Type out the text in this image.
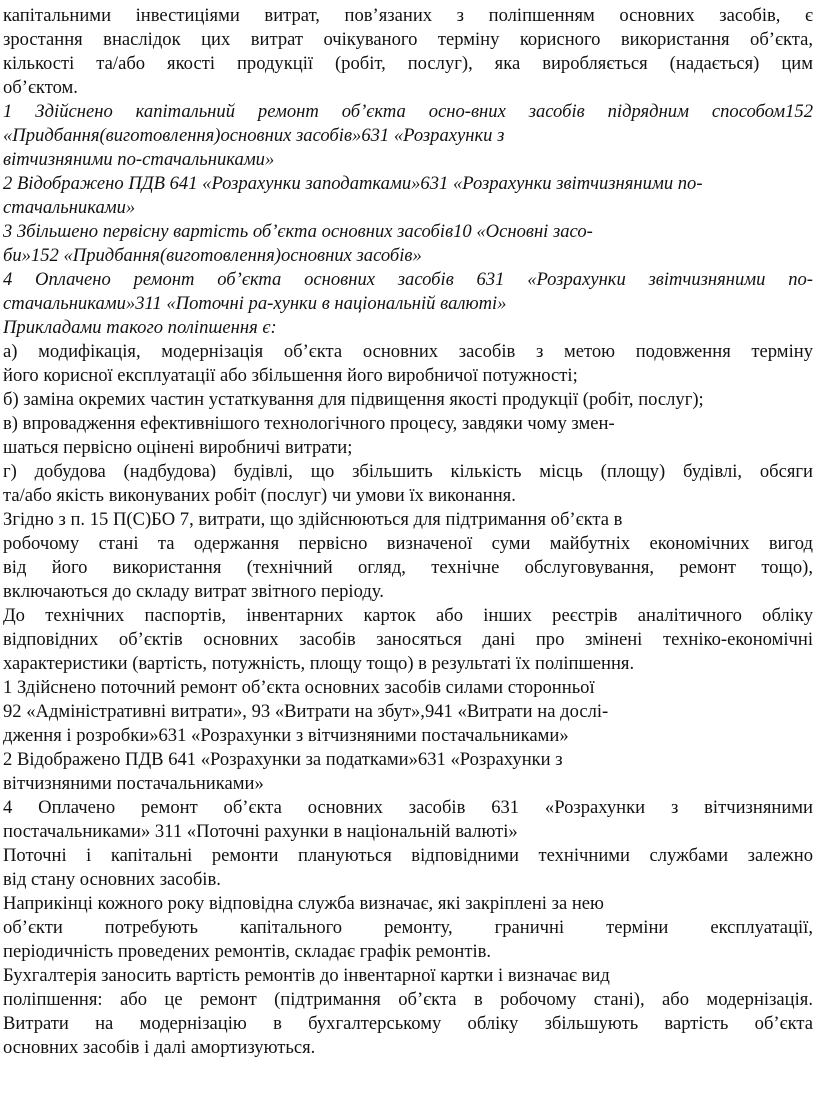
капітальними інвестиціями витрат, пов’язаних з поліпшенням основних засобів, є
зростання внаслідок цих витрат очікуваного терміну корисного використання об’єкта,
кількості та/або якості продукції (робіт, послуг), яка виробляється (надається) цим
об’єктом.
1 Здійснено капітальний ремонт об’єкта осно-вних засобів підрядним способом152
«Придбання(виготовлення)основних засобів»631 «Розрахунки з
вітчизняними по-стачальниками»
2 Відображено ПДВ 641 «Розрахунки заподатками»631 «Розрахунки звітчизняними по-
стачальниками»
3 Збільшено первісну вартість об’єкта основних засобів10 «Основні засо-
би»152 «Придбання(виготовлення)основних засобів»
4 Оплачено ремонт об’єкта основних засобів 631 «Розрахунки звітчизняними по-
стачальниками»311 «Поточні ра-хунки в національній валюті»
Прикладами такого поліпшення є:
а) модифікація, модернізація об’єкта основних засобів з метою подовження терміну
його корисної експлуатації або збільшення його виробничої потужності;
б) заміна окремих частин устаткування для підвищення якості продукції (робіт, послуг);
в) впровадження ефективнішого технологічного процесу, завдяки чому змен-
шаться первісно оцінені виробничі витрати;
г) добудова (надбудова) будівлі, що збільшить кількість місць (площу) будівлі, обсяги
та/або якість виконуваних робіт (послуг) чи умови їх виконання.
Згідно з п. 15 П(С)БО 7, витрати, що здійснюються для підтримання об’єкта в
робочому стані та одержання первісно визначеної суми майбутніх економічних вигод
від його використання (технічний огляд, технічне обслуговування, ремонт тощо),
включаються до складу витрат звітного періоду.
До технічних паспортів, інвентарних карток або інших реєстрів аналітичного обліку
відповідних об’єктів основних засобів заносяться дані про змінені техніко-економічні
характеристики (вартість, потужність, площу тощо) в результаті їх поліпшення.
1 Здійснено поточний ремонт об’єкта основних засобів силами сторонньої
92 «Адміністративні витрати», 93 «Витрати на збут»,941 «Витрати на дослі-
дження і розробки»631 «Розрахунки з вітчизняними постачальниками»
2 Відображено ПДВ 641 «Розрахунки за податками»631 «Розрахунки з
вітчизняними постачальниками»
4 Оплачено ремонт об’єкта основних засобів 631 «Розрахунки з вітчизняними
постачальниками» 311 «Поточні рахунки в національній валюті»
Поточні і капітальні ремонти плануються відповідними технічними службами залежно
від стану основних засобів.
Наприкінці кожного року відповідна служба визначає, які закріплені за нею
об’єкти потребують капітального ремонту, граничні терміни експлуатації,
періодичність проведених ремонтів, складає графік ремонтів.
Бухгалтерія заносить вартість ремонтів до інвентарної картки і визначає вид
поліпшення: або це ремонт (підтримання об’єкта в робочому стані), або модернізація.
Витрати на модернізацію в бухгалтерському обліку збільшують вартість об’єкта
основних засобів і далі амортизуються.
